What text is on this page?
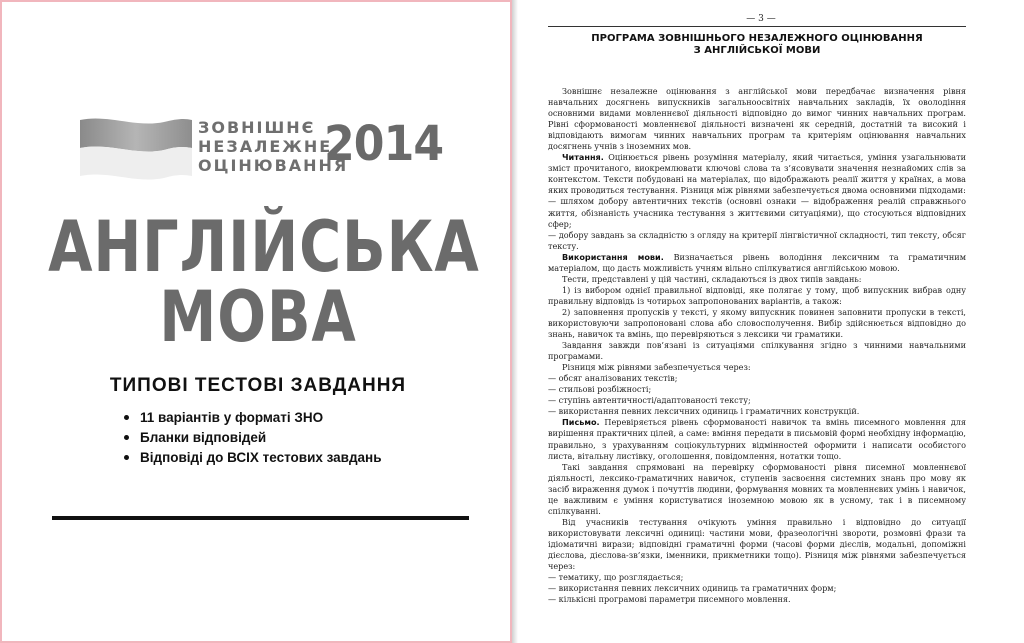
ЗОВНІШНЄ
НЕЗАЛЕЖНЕ
ОЦІНЮВАННЯ
2014
АНГЛІЙСЬКА
МОВА
ТИПОВІ ТЕСТОВІ ЗАВДАННЯ
11 варіантів у форматі ЗНО
Бланки відповідей
Відповіді до ВСІХ тестових завдань
— 3 —
ПРОГРАМА ЗОВНІШНЬОГО НЕЗАЛЕЖНОГО ОЦІНЮВАННЯ
З АНГЛІЙСЬКОЇ МОВИ

Зовнішнє незалежне оцінювання з англійської мови передбачає визначення рівня навчальних досягнень випускників загальноосвітніх навчальних закладів, їх оволодіння основними видами мовленнєвої діяльності відповідно до вимог чинних навчальних програм. Рівні сформованості мовленнєвої діяльності визначені як середній, достатній та високий і відповідають вимогам чинних навчальних програм та критеріям оцінювання навчальних досягнень учнів з іноземних мов.

Читання. Оцінюється рівень розуміння матеріалу, який читається, уміння узагальнювати зміст прочитаного, виокремлювати ключові слова та з’ясовувати значення незнайомих слів за контекстом. Тексти побудовані на матеріалах, що відображають реалії життя у країнах, а мова яких проводиться тестування. Різниця між рівнями забезпечується двома основними підходами:

— шляхом добору автентичних текстів (основні ознаки — відображення реалій справжнього життя, обізнаність учасника тестування з життєвими ситуаціями), що стосуються відповідних сфер;

— добору завдань за складністю з огляду на критерії лінгвістичної складності, тип тексту, обсяг тексту.

Використання мови. Визначається рівень володіння лексичним та граматичним матеріалом, що дасть можливість учням вільно спілкуватися англійською мовою.

Тести, представлені у цій частині, складаються із двох типів завдань:

1) із вибором однієї правильної відповіді, яке полягає у тому, щоб випускник вибрав одну правильну відповідь із чотирьох запропонованих варіантів, а також:

2) заповнення пропусків у тексті, у якому випускник повинен заповнити пропуски в тексті, використовуючи запропоновані слова або словосполучення. Вибір здійснюється відповідно до знань, навичок та вмінь, що перевіряються з лексики чи граматики.

Завдання завжди пов’язані із ситуаціями спілкування згідно з чинними навчальними програмами.

Різниця між рівнями забезпечується через:

— обсяг аналізованих текстів;

— стильові розбіжності;

— ступінь автентичності/адаптованості тексту;

— використання певних лексичних одиниць і граматичних конструкцій.

Письмо. Перевіряється рівень сформованості навичок та вмінь писемного мовлення для вирішення практичних цілей, а саме: вміння передати в письмовій формі необхідну інформацію, правильно, з урахуванням соціокультурних відмінностей оформити і написати особистого листа, вітальну листівку, оголошення, повідомлення, нотатки тощо.

Такі завдання спрямовані на перевірку сформованості рівня писемної мовленнєвої діяльності, лексико-граматичних навичок, ступенів засвоєння системних знань про мову як засіб вираження думок і почуттів людини, формування мовних та мовленнєвих умінь і навичок, це важливим є уміння користуватися іноземною мовою як в усному, так і в писемному спілкуванні.

Від учасників тестування очікують уміння правильно і відповідно до ситуації використовувати лексичні одиниці: частини мови, фразеологічні звороти, розмовні фрази та ідіоматичні вирази; відповідні граматичні форми (часові форми дієслів, модальні, допоміжні дієслова, дієслова-зв’язки, іменники, прикметники тощо). Різниця між рівнями забезпечується через:

— тематику, що розглядається;

— використання певних лексичних одиниць та граматичних форм;

— кількісні програмові параметри писемного мовлення.
